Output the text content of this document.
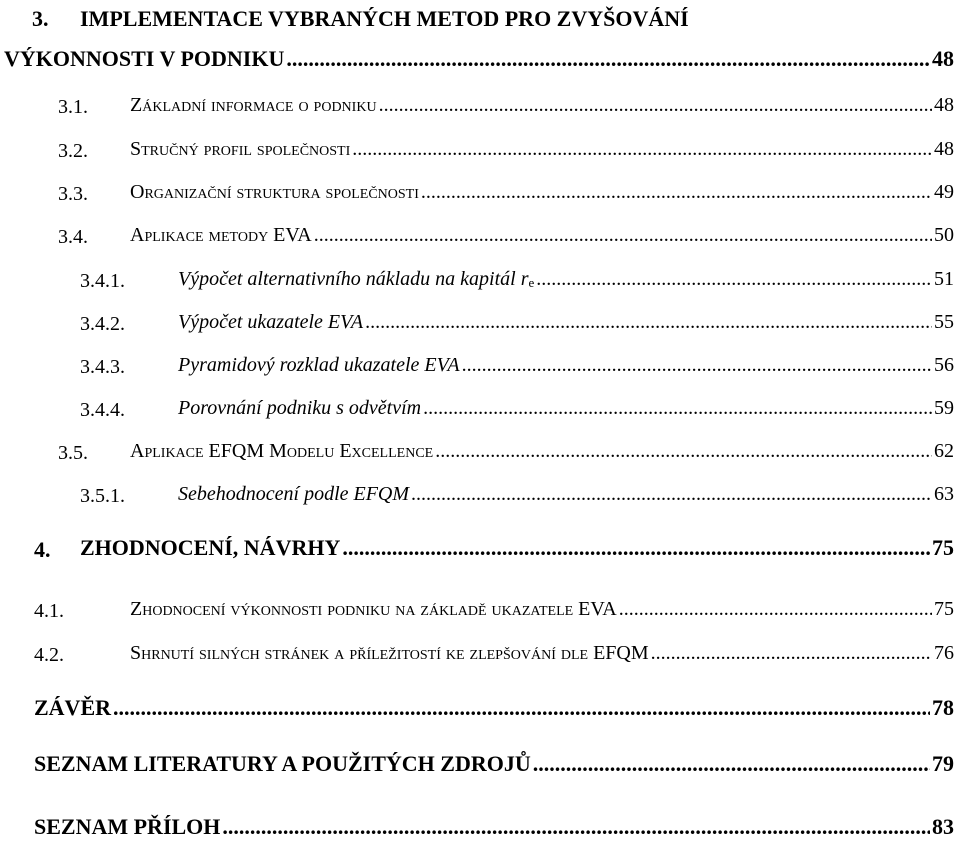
3. IMPLEMENTACE VYBRANÝCH METOD PRO ZVYŠOVÁNÍ
VÝKONNOSTI V PODNIKU .....	48
3.1. Základní informace o podniku .....	48
3.2. Stručný profil společnosti .....	48
3.3. Organizační struktura společnosti .....	49
3.4. Aplikace metody EVA .....	50
3.4.1.	Výpočet alternativního nákladu na kapitál re .....	51
3.4.2.	Výpočet ukazatele EVA .....	55
3.4.3.	Pyramidový rozklad ukazatele EVA .....	56
3.4.4.	Porovnání podniku s odvětvím .....	59
3.5. Aplikace EFQM Modelu Excellence .....	62
3.5.1.	Sebehodnocení podle EFQM .....	63
4. ZHODNOCENÍ, NÁVRHY .....	75
4.1.	Zhodnocení výkonnosti podniku na základě ukazatele EVA .....	75
4.2.	Shrnutí silných stránek a příležitostí ke zlepšování dle EFQM .....	76
ZÁVĚR .....	78
SEZNAM LITERATURY A POUŽITÝCH ZDROJŮ .....	79
SEZNAM PŘÍLOH .....	83
